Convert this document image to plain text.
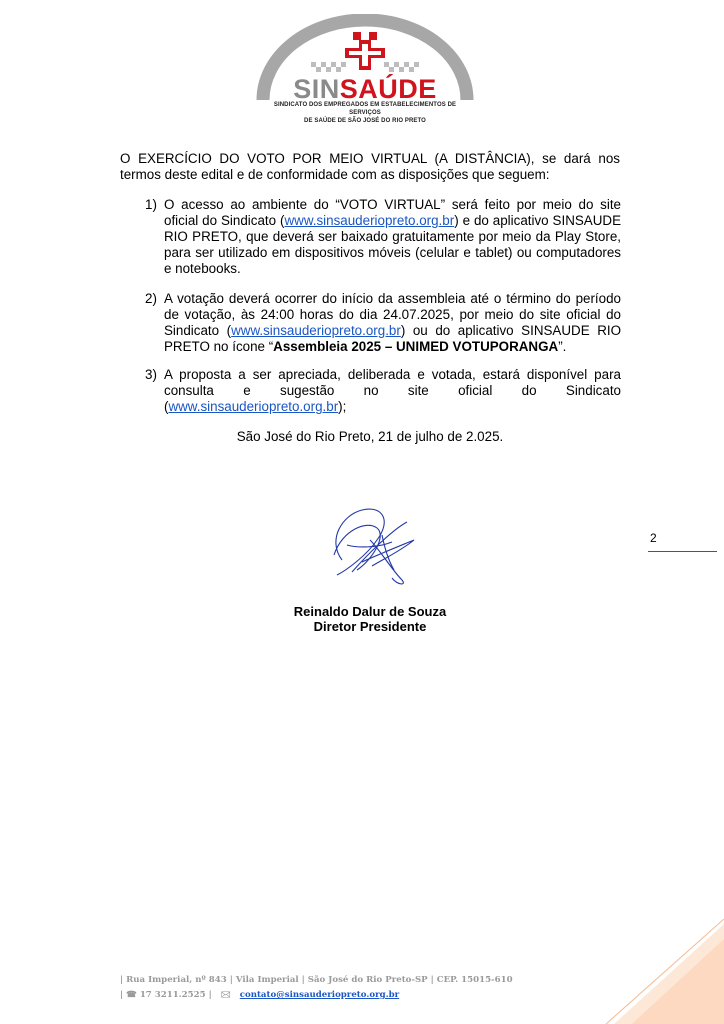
SINSAÚDE
SINDICATO DOS EMPREGADOS EM ESTABELECIMENTOS DE SERVIÇOS
DE SAÚDE DE SÃO JOSÉ DO RIO PRETO
O EXERCÍCIO DO VOTO POR MEIO VIRTUAL (A DISTÂNCIA), se dará nos termos deste edital e de conformidade com as disposições que seguem:
1) O acesso ao ambiente do “VOTO VIRTUAL” será feito por meio do site oficial do Sindicato (www.sinsauderiopreto.org.br) e do aplicativo SINSAUDE RIO PRETO, que deverá ser baixado gratuitamente por meio da Play Store, para ser utilizado em dispositivos móveis (celular e tablet) ou computadores e notebooks.
2) A votação deverá ocorrer do início da assembleia até o término do período de votação, às 24:00 horas do dia 24.07.2025, por meio do site oficial do Sindicato (www.sinsauderiopreto.org.br) ou do aplicativo SINSAUDE RIO PRETO no ícone “Assembleia 2025 – UNIMED VOTUPORANGA”.
3) A proposta a ser apreciada, deliberada e votada, estará disponível para consulta e sugestão no site oficial do Sindicato (www.sinsauderiopreto.org.br);
São José do Rio Preto, 21 de julho de 2.025.
Reinaldo Dalur de Souza
Diretor Presidente
2
| Rua Imperial, nº 843 | Vila Imperial | São José do Rio Preto-SP | CEP. 15015-610
| ☎ 17 3211.2525 | 🖂 contato@sinsauderiopreto.org.br
